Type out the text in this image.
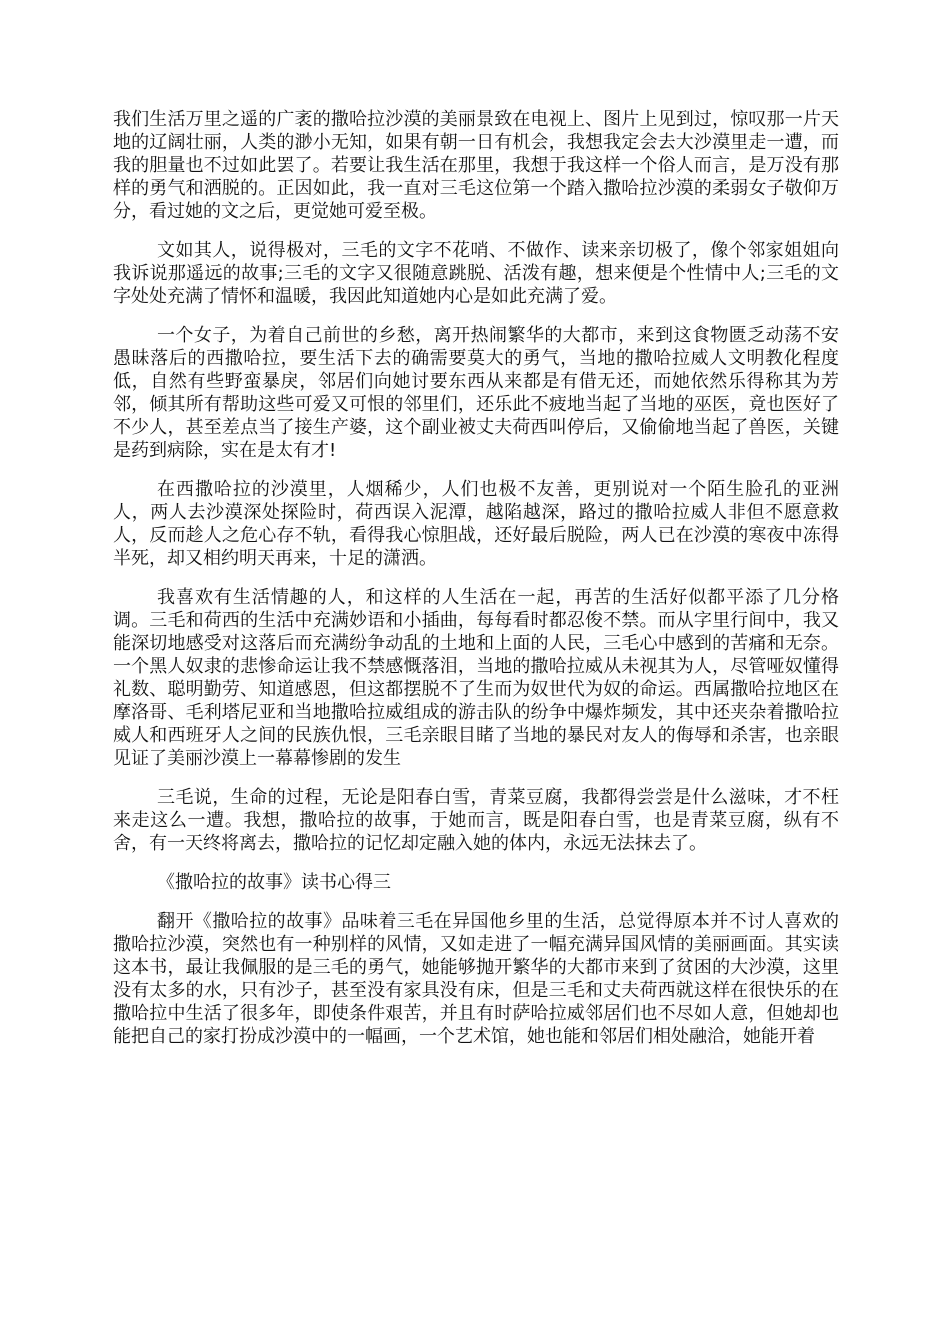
我们生活万里之遥的广袤的撒哈拉沙漠的美丽景致在电视上、图片上见到过，惊叹那一片天地的辽阔壮丽，人类的渺小无知，如果有朝一日有机会，我想我定会去大沙漠里走一遭，而我的胆量也不过如此罢了。若要让我生活在那里，我想于我这样一个俗人而言，是万没有那样的勇气和洒脱的。正因如此，我一直对三毛这位第一个踏入撒哈拉沙漠的柔弱女子敬仰万分，看过她的文之后，更觉她可爱至极。

文如其人，说得极对，三毛的文字不花哨、不做作、读来亲切极了，像个邻家姐姐向我诉说那遥远的故事;三毛的文字又很随意跳脱、活泼有趣，想来便是个性情中人;三毛的文字处处充满了情怀和温暖，我因此知道她内心是如此充满了爱。

一个女子，为着自己前世的乡愁，离开热闹繁华的大都市，来到这食物匮乏动荡不安愚昧落后的西撒哈拉，要生活下去的确需要莫大的勇气，当地的撒哈拉威人文明教化程度低，自然有些野蛮暴戾，邻居们向她讨要东西从来都是有借无还，而她依然乐得称其为芳邻，倾其所有帮助这些可爱又可恨的邻里们，还乐此不疲地当起了当地的巫医，竟也医好了不少人，甚至差点当了接生产婆，这个副业被丈夫荷西叫停后，又偷偷地当起了兽医，关键是药到病除，实在是太有才!

在西撒哈拉的沙漠里，人烟稀少，人们也极不友善，更别说对一个陌生脸孔的亚洲人，两人去沙漠深处探险时，荷西误入泥潭，越陷越深，路过的撒哈拉威人非但不愿意救人，反而趁人之危心存不轨，看得我心惊胆战，还好最后脱险，两人已在沙漠的寒夜中冻得半死，却又相约明天再来，十足的潇洒。

我喜欢有生活情趣的人，和这样的人生活在一起，再苦的生活好似都平添了几分格调。三毛和荷西的生活中充满妙语和小插曲，每每看时都忍俊不禁。而从字里行间中，我又能深切地感受对这落后而充满纷争动乱的土地和上面的人民，三毛心中感到的苦痛和无奈。一个黑人奴隶的悲惨命运让我不禁感慨落泪，当地的撒哈拉威从未视其为人，尽管哑奴懂得礼数、聪明勤劳、知道感恩，但这都摆脱不了生而为奴世代为奴的命运。西属撒哈拉地区在摩洛哥、毛利塔尼亚和当地撒哈拉威组成的游击队的纷争中爆炸频发，其中还夹杂着撒哈拉威人和西班牙人之间的民族仇恨，三毛亲眼目睹了当地的暴民对友人的侮辱和杀害，也亲眼见证了美丽沙漠上一幕幕惨剧的发生

三毛说，生命的过程，无论是阳春白雪，青菜豆腐，我都得尝尝是什么滋味，才不枉来走这么一遭。我想，撒哈拉的故事，于她而言，既是阳春白雪，也是青菜豆腐，纵有不舍，有一天终将离去，撒哈拉的记忆却定融入她的体内，永远无法抹去了。

《撒哈拉的故事》读书心得三

翻开《撒哈拉的故事》品味着三毛在异国他乡里的生活，总觉得原本并不讨人喜欢的撒哈拉沙漠，突然也有一种别样的风情，又如走进了一幅充满异国风情的美丽画面。其实读这本书，最让我佩服的是三毛的勇气，她能够抛开繁华的大都市来到了贫困的大沙漠，这里没有太多的水，只有沙子，甚至没有家具没有床，但是三毛和丈夫荷西就这样在很快乐的在撒哈拉中生活了很多年，即使条件艰苦，并且有时萨哈拉威邻居们也不尽如人意，但她却也能把自己的家打扮成沙漠中的一幅画，一个艺术馆，她也能和邻居们相处融洽，她能开着
